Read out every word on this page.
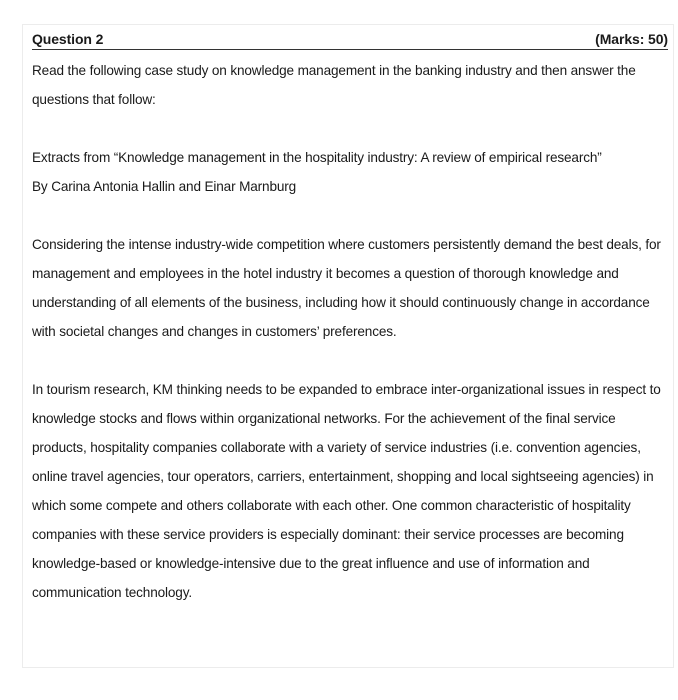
Question 2	(Marks: 50)

Read the following case study on knowledge management in the banking industry and then answer the questions that follow:

Extracts from “Knowledge management in the hospitality industry: A review of empirical research”

By Carina Antonia Hallin and Einar Marnburg

Considering the intense industry-wide competition where customers persistently demand the best deals, for management and employees in the hotel industry it becomes a question of thorough knowledge and understanding of all elements of the business, including how it should continuously change in accordance with societal changes and changes in customers’ preferences.

In tourism research, KM thinking needs to be expanded to embrace inter-organizational issues in respect to knowledge stocks and flows within organizational networks. For the achievement of the final service products, hospitality companies collaborate with a variety of service industries (i.e. convention agencies, online travel agencies, tour operators, carriers, entertainment, shopping and local sightseeing agencies) in which some compete and others collaborate with each other. One common characteristic of hospitality companies with these service providers is especially dominant: their service processes are becoming knowledge-based or knowledge-intensive due to the great influence and use of information and communication technology.
